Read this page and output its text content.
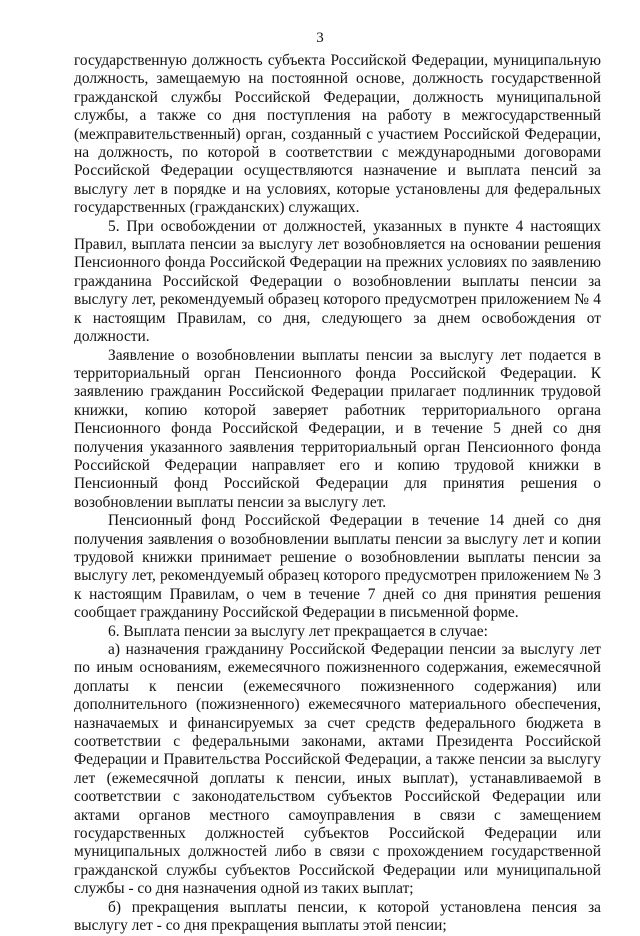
3

государственную должность субъекта Российской Федерации, муниципальную должность, замещаемую на постоянной основе, должность государственной гражданской службы Российской Федерации, должность муниципальной службы, а также со дня поступления на работу в межгосударственный (межправительственный) орган, созданный с участием Российской Федерации, на должность, по которой в соответствии с международными договорами Российской Федерации осуществляются назначение и выплата пенсий за выслугу лет в порядке и на условиях, которые установлены для федеральных государственных (гражданских) служащих.

5. При освобождении от должностей, указанных в пункте 4 настоящих Правил, выплата пенсии за выслугу лет возобновляется на основании решения Пенсионного фонда Российской Федерации на прежних условиях по заявлению гражданина Российской Федерации о возобновлении выплаты пенсии за выслугу лет, рекомендуемый образец которого предусмотрен приложением № 4 к настоящим Правилам, со дня, следующего за днем освобождения от должности.

Заявление о возобновлении выплаты пенсии за выслугу лет подается в территориальный орган Пенсионного фонда Российской Федерации. К заявлению гражданин Российской Федерации прилагает подлинник трудовой книжки, копию которой заверяет работник территориального органа Пенсионного фонда Российской Федерации, и в течение 5 дней со дня получения указанного заявления территориальный орган Пенсионного фонда Российской Федерации направляет его и копию трудовой книжки в Пенсионный фонд Российской Федерации для принятия решения о возобновлении выплаты пенсии за выслугу лет.

Пенсионный фонд Российской Федерации в течение 14 дней со дня получения заявления о возобновлении выплаты пенсии за выслугу лет и копии трудовой книжки принимает решение о возобновлении выплаты пенсии за выслугу лет, рекомендуемый образец которого предусмотрен приложением № 3 к настоящим Правилам, о чем в течение 7 дней со дня принятия решения сообщает гражданину Российской Федерации в письменной форме.

6. Выплата пенсии за выслугу лет прекращается в случае:

а) назначения гражданину Российской Федерации пенсии за выслугу лет по иным основаниям, ежемесячного пожизненного содержания, ежемесячной доплаты к пенсии (ежемесячного пожизненного содержания) или дополнительного (пожизненного) ежемесячного материального обеспечения, назначаемых и финансируемых за счет средств федерального бюджета в соответствии с федеральными законами, актами Президента Российской Федерации и Правительства Российской Федерации, а также пенсии за выслугу лет (ежемесячной доплаты к пенсии, иных выплат), устанавливаемой в соответствии с законодательством субъектов Российской Федерации или актами органов местного самоуправления в связи с замещением государственных должностей субъектов Российской Федерации или муниципальных должностей либо в связи с прохождением государственной гражданской службы субъектов Российской Федерации или муниципальной службы - со дня назначения одной из таких выплат;

б) прекращения выплаты пенсии, к которой установлена пенсия за выслугу лет - со дня прекращения выплаты этой пенсии;
